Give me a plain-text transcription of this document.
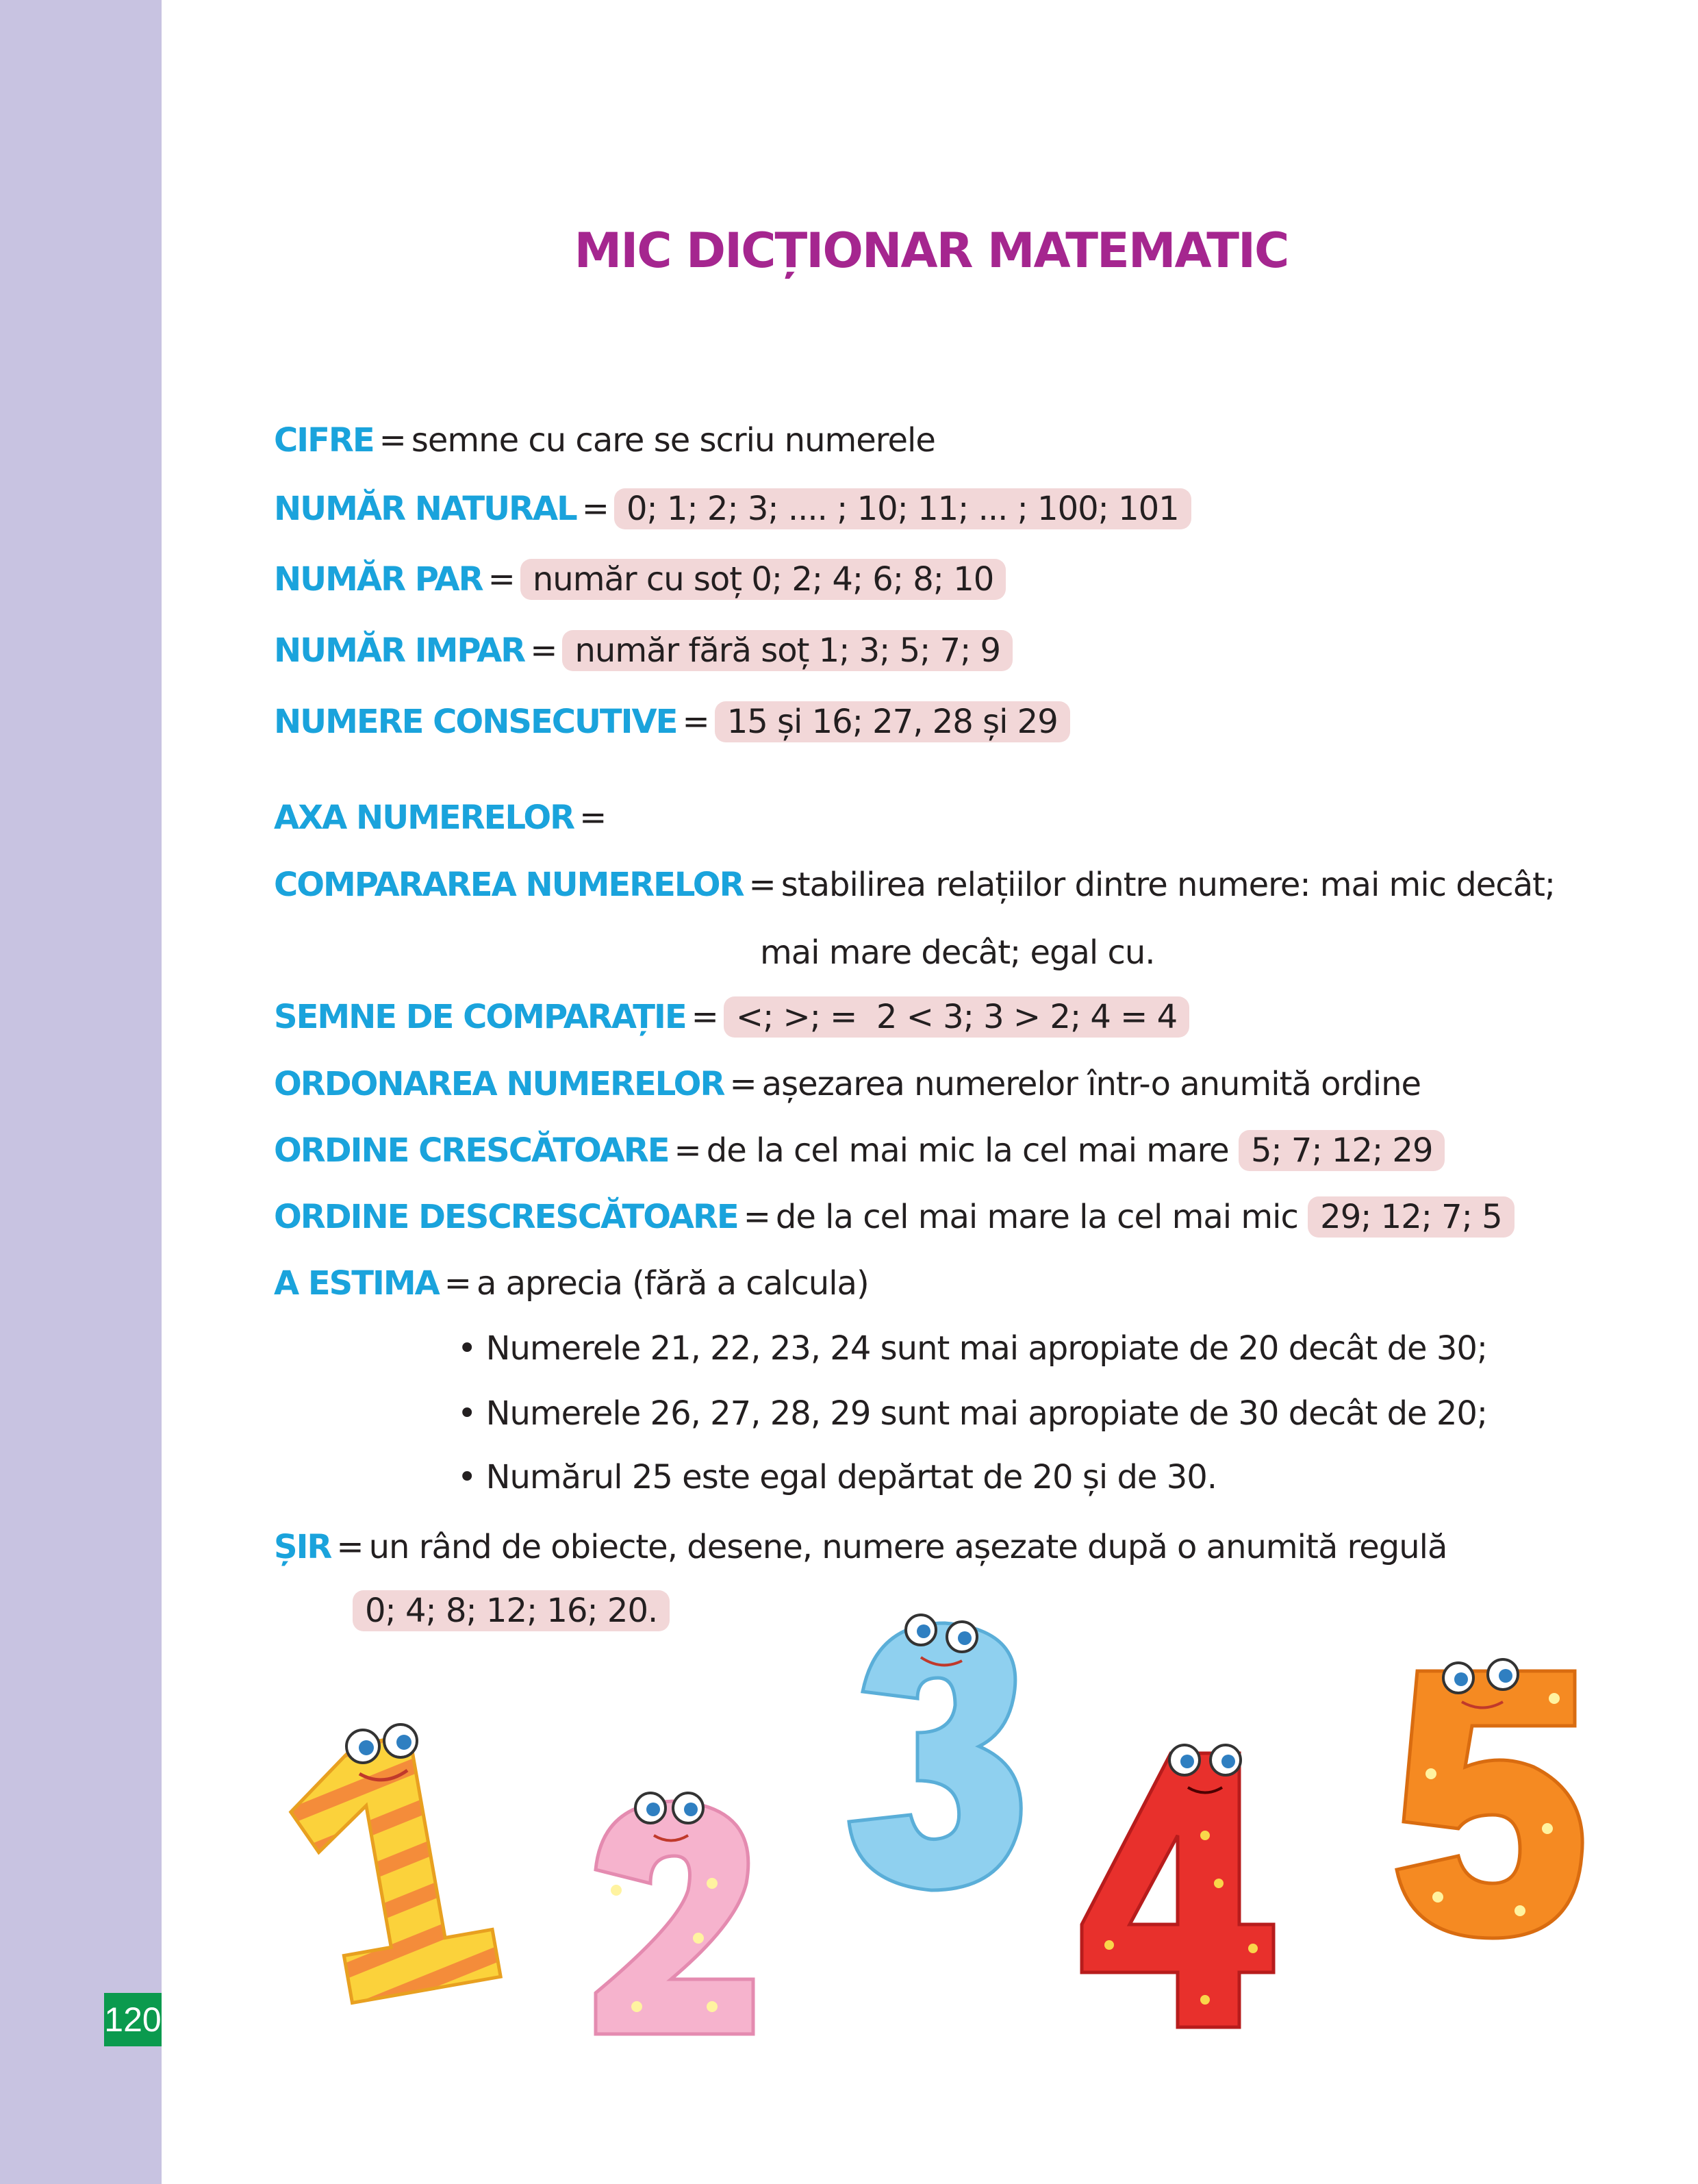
120
MIC DICȚIONAR MATEMATIC
CIFRE = semne cu care se scriu numerele
NUMĂR NATURAL = 0; 1; 2; 3; .... ; 10; 11; ... ; 100; 101
NUMĂR PAR = număr cu soț 0; 2; 4; 6; 8; 10
NUMĂR IMPAR = număr fără soț 1; 3; 5; 7; 9
NUMERE CONSECUTIVE = 15 și 16; 27, 28 și 29
AXA NUMERELOR =
COMPARAREA NUMERELOR = stabilirea relațiilor dintre numere: mai mic decât;
mai mare decât; egal cu.
SEMNE DE COMPARAȚIE = <; >; =  2 < 3; 3 > 2; 4 = 4
ORDONAREA NUMERELOR = așezarea numerelor într-o anumită ordine
ORDINE CRESCĂTOARE = de la cel mai mic la cel mai mare 5; 7; 12; 29
ORDINE DESCRESCĂTOARE = de la cel mai mare la cel mai mic 29; 12; 7; 5
A ESTIMA = a aprecia (fără a calcula)
• Numerele 21, 22, 23, 24 sunt mai apropiate de 20 decât de 30;
• Numerele 26, 27, 28, 29 sunt mai apropiate de 30 decât de 20;
• Numărul 25 este egal depărtat de 20 și de 30.
ȘIR = un rând de obiecte, desene, numere așezate după o anumită regulă
0; 4; 8; 12; 16; 20.
